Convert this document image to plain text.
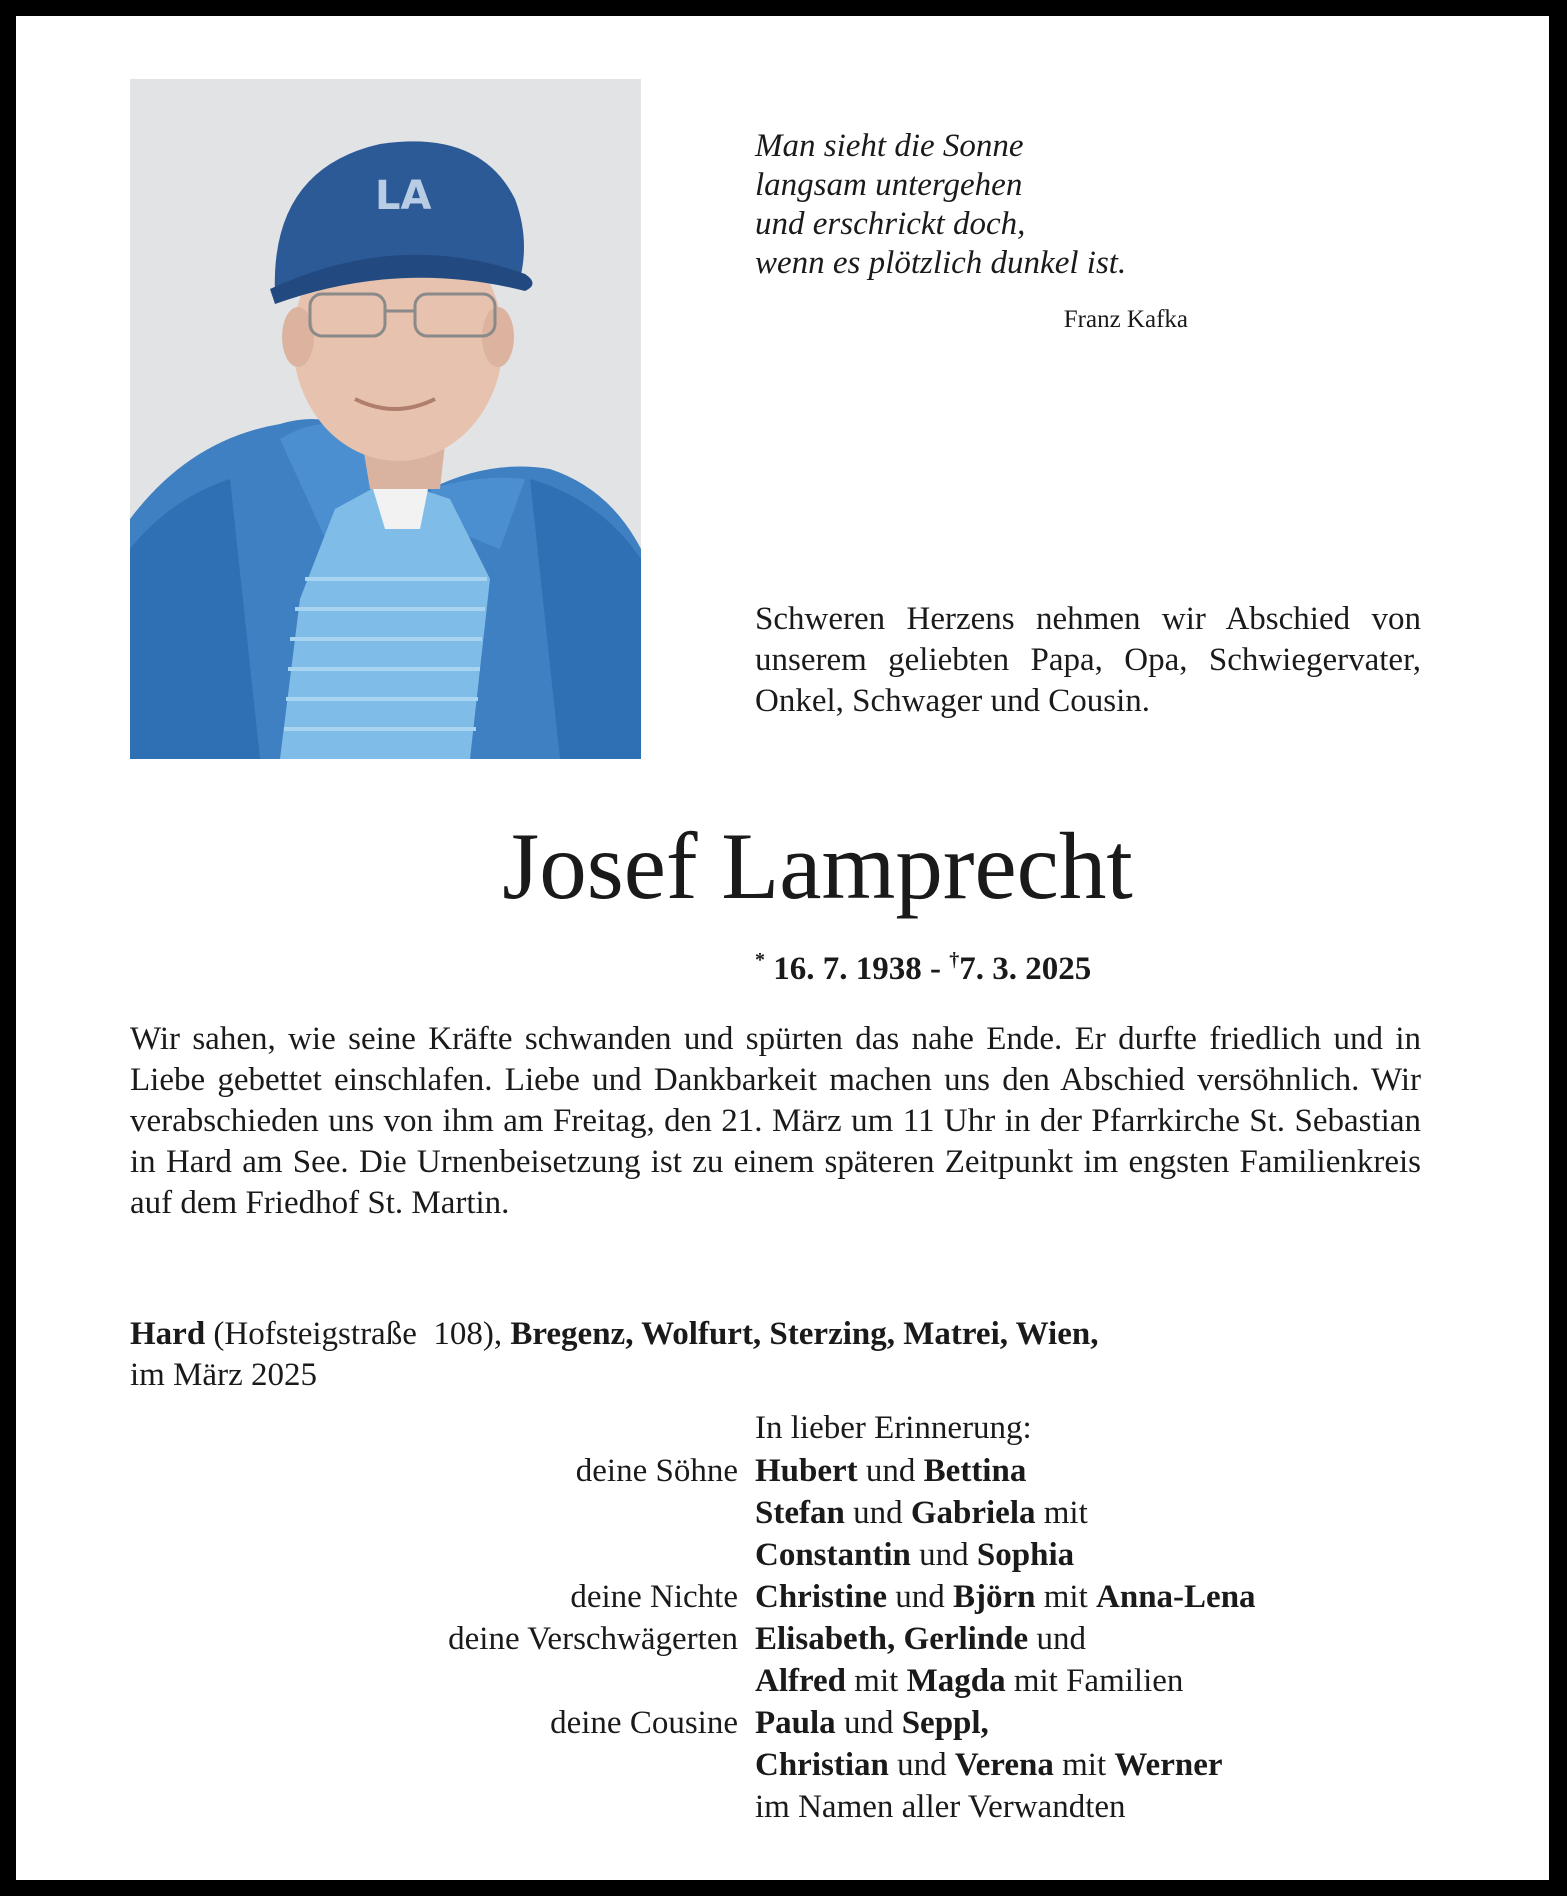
LA
Man sieht die Sonne
langsam untergehen
und erschrickt doch,
wenn es plötzlich dunkel ist.
Franz Kafka
Schweren Herzens nehmen wir Abschied von unserem geliebten Papa, Opa, Schwiegervater, Onkel, Schwager und Cousin.
Josef Lamprecht
* 16. 7. 1938 - †7. 3. 2025
Wir sahen, wie seine Kräfte schwanden und spürten das nahe Ende. Er durfte friedlich und in Liebe gebettet einschlafen. Liebe und Dankbarkeit machen uns den Abschied versöhnlich. Wir verabschieden uns von ihm am Freitag, den 21. März um 11 Uhr in der Pfarrkirche St. Sebastian in Hard am See. Die Urnenbeisetzung ist zu einem späteren Zeitpunkt im engsten Familienkreis auf dem Friedhof St. Martin.
Hard (Hofsteigstraße  108), Bregenz, Wolfurt, Sterzing, Matrei, Wien,
im März 2025
In lieber Erinnerung:
deine Söhne Hubert und Bettina
Stefan und Gabriela mit
Constantin und Sophia
deine Nichte Christine und Björn mit Anna-Lena
deine Verschwägerten Elisabeth, Gerlinde und
Alfred mit Magda mit Familien
deine Cousine Paula und Seppl,
Christian und Verena mit Werner
im Namen aller Verwandten
